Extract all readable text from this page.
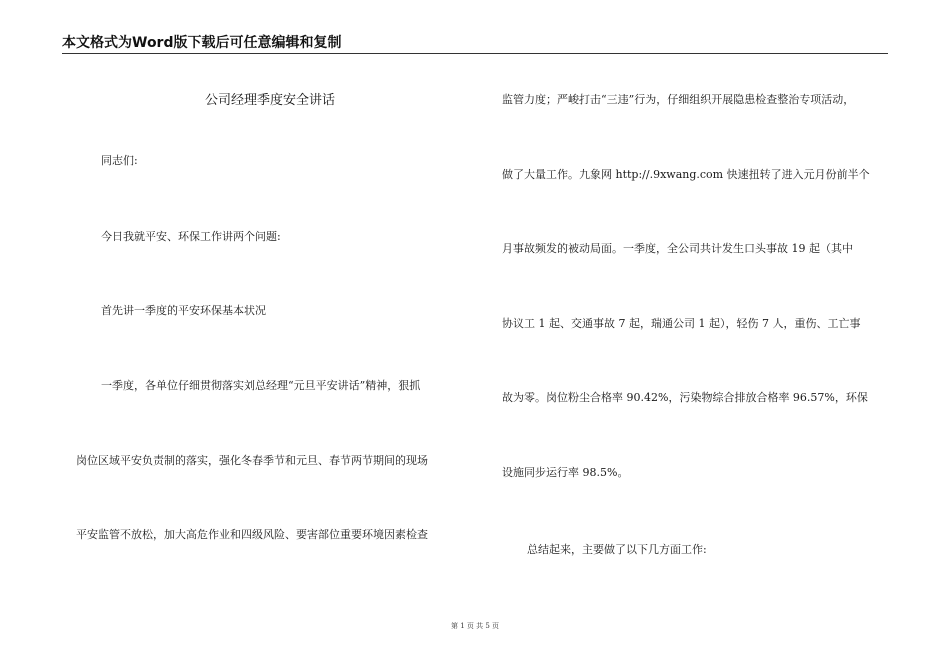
本文格式为Word版下载后可任意编辑和复制
公司经理季度安全讲话
同志们:
今日我就平安、环保工作讲两个问题:
首先讲一季度的平安环保基本状况
一季度，各单位仔细贯彻落实刘总经理“元旦平安讲话”精神，狠抓
岗位区域平安负责制的落实，强化冬春季节和元旦、春节两节期间的现场
平安监管不放松，加大高危作业和四级风险、要害部位重要环境因素检查
监管力度；严峻打击“三违”行为，仔细组织开展隐患检查整治专项活动，
做了大量工作。九象网 http://.9xwang.com 快速扭转了进入元月份前半个
月事故频发的被动局面。一季度，全公司共计发生口头事故 19 起（其中
协议工 1 起、交通事故 7 起，瑞通公司 1 起），轻伤 7 人，重伤、工亡事
故为零。岗位粉尘合格率 90.42%，污染物综合排放合格率 96.57%，环保
设施同步运行率 98.5%。
总结起来，主要做了以下几方面工作:
第 1 页 共 5 页
